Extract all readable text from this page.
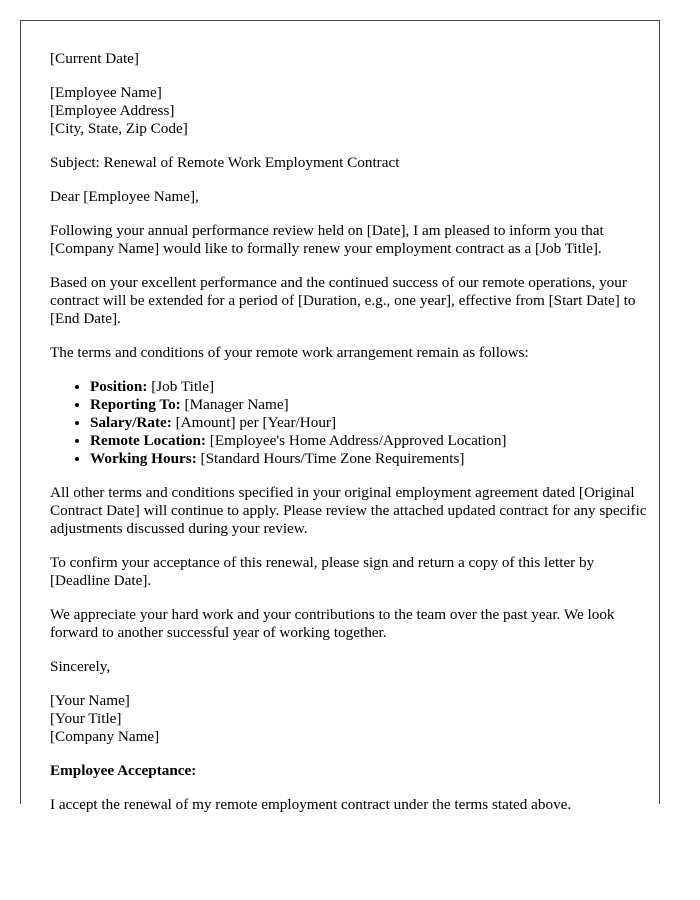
[Current Date]

[Employee Name]
[Employee Address]
[City, State, Zip Code]

Subject: Renewal of Remote Work Employment Contract

Dear [Employee Name],

Following your annual performance review held on [Date], I am pleased to inform you that [Company Name] would like to formally renew your employment contract as a [Job Title].

Based on your excellent performance and the continued success of our remote operations, your contract will be extended for a period of [Duration, e.g., one year], effective from [Start Date] to [End Date].

The terms and conditions of your remote work arrangement remain as follows:

• Position: [Job Title]
• Reporting To: [Manager Name]
• Salary/Rate: [Amount] per [Year/Hour]
• Remote Location: [Employee's Home Address/Approved Location]
• Working Hours: [Standard Hours/Time Zone Requirements]

All other terms and conditions specified in your original employment agreement dated [Original Contract Date] will continue to apply. Please review the attached updated contract for any specific adjustments discussed during your review.

To confirm your acceptance of this renewal, please sign and return a copy of this letter by [Deadline Date].

We appreciate your hard work and your contributions to the team over the past year. We look forward to another successful year of working together.

Sincerely,

[Your Name]
[Your Title]
[Company Name]

Employee Acceptance:

I accept the renewal of my remote employment contract under the terms stated above.
